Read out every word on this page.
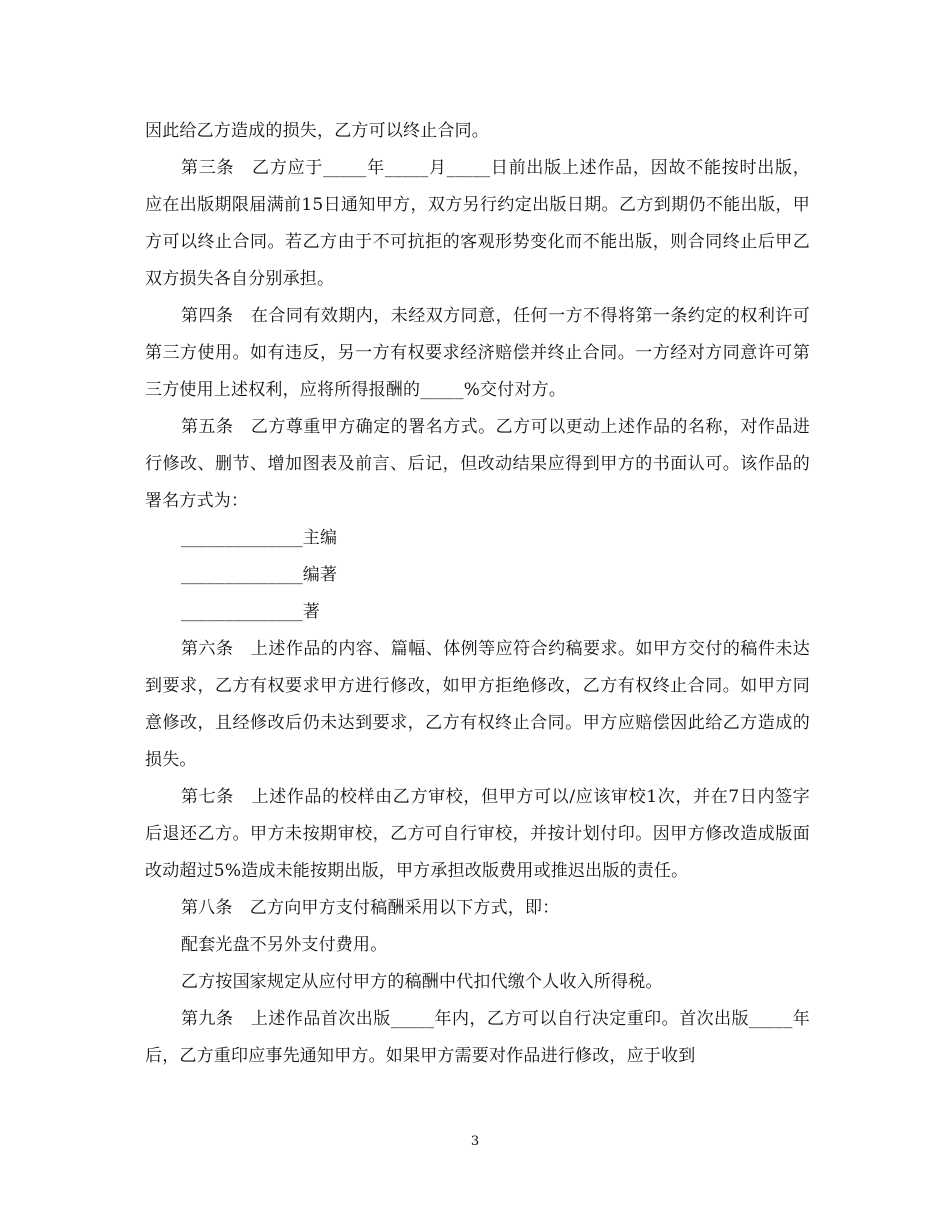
因此给乙方造成的损失，乙方可以终止合同。

第三条　乙方应于_____年_____月_____日前出版上述作品，因故不能按时出版，应在出版期限届满前15日通知甲方，双方另行约定出版日期。乙方到期仍不能出版，甲方可以终止合同。若乙方由于不可抗拒的客观形势变化而不能出版，则合同终止后甲乙双方损失各自分别承担。

第四条　在合同有效期内，未经双方同意，任何一方不得将第一条约定的权利许可第三方使用。如有违反，另一方有权要求经济赔偿并终止合同。一方经对方同意许可第三方使用上述权利，应将所得报酬的_____%交付对方。

第五条　乙方尊重甲方确定的署名方式。乙方可以更动上述作品的名称，对作品进行修改、删节、增加图表及前言、后记，但改动结果应得到甲方的书面认可。该作品的署名方式为：

______________主编

______________编著

______________著

第六条　上述作品的内容、篇幅、体例等应符合约稿要求。如甲方交付的稿件未达到要求，乙方有权要求甲方进行修改，如甲方拒绝修改，乙方有权终止合同。如甲方同意修改，且经修改后仍未达到要求，乙方有权终止合同。甲方应赔偿因此给乙方造成的损失。

第七条　上述作品的校样由乙方审校，但甲方可以/应该审校1次，并在7日内签字后退还乙方。甲方未按期审校，乙方可自行审校，并按计划付印。因甲方修改造成版面改动超过5%造成未能按期出版，甲方承担改版费用或推迟出版的责任。

第八条　乙方向甲方支付稿酬采用以下方式，即：

配套光盘不另外支付费用。

乙方按国家规定从应付甲方的稿酬中代扣代缴个人收入所得税。

第九条　上述作品首次出版_____年内，乙方可以自行决定重印。首次出版_____年后，乙方重印应事先通知甲方。如果甲方需要对作品进行修改，应于收到

3
